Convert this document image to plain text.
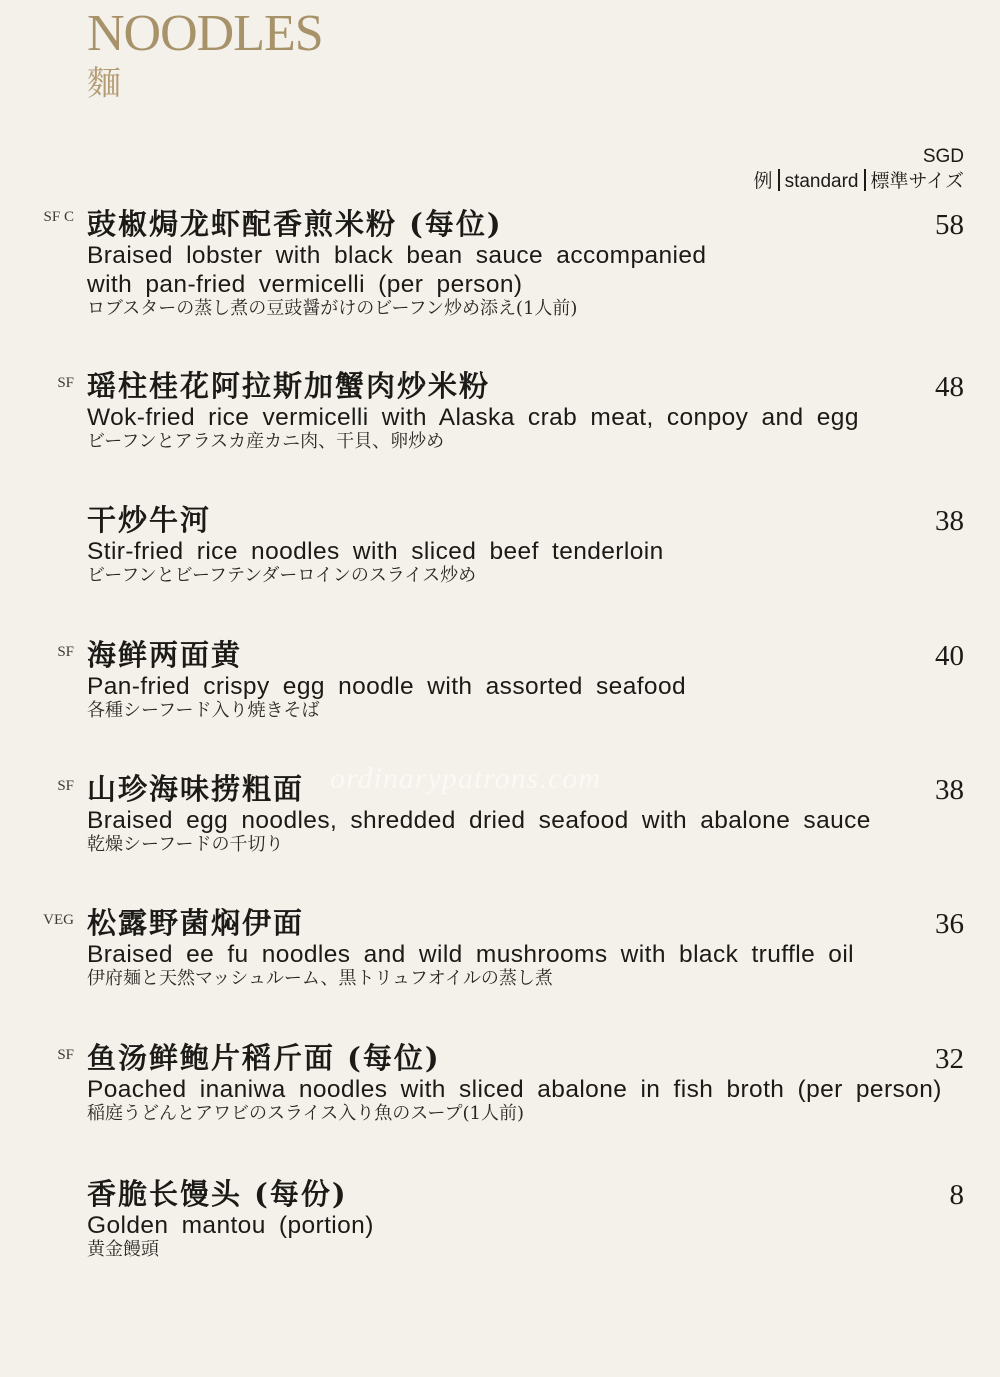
NOODLES
麵
SGD
例 standard 標準サイズ
SF C 豉椒焗龙虾配香煎米粉 (每位)
Braised lobster with black bean sauce accompanied with pan-fried vermicelli (per person)
ロブスターの蒸し煮の豆豉醤がけのビーフン炒め添え(1人前)
58
SF 瑶柱桂花阿拉斯加蟹肉炒米粉
Wok-fried rice vermicelli with Alaska crab meat, conpoy and egg
ビーフンとアラスカ産カニ肉、干貝、卵炒め
48
干炒牛河
Stir-fried rice noodles with sliced beef tenderloin
ビーフンとビーフテンダーロインのスライス炒め
38
SF 海鲜两面黄
Pan-fried crispy egg noodle with assorted seafood
各種シーフード入り焼きそば
40
SF 山珍海味捞粗面
Braised egg noodles, shredded dried seafood with abalone sauce
乾燥シーフードの千切り
38
VEG 松露野菌焖伊面
Braised ee fu noodles and wild mushrooms with black truffle oil
伊府麺と天然マッシュルーム、黒トリュフオイルの蒸し煮
36
SF 鱼汤鲜鲍片稻斤面 (每位)
Poached inaniwa noodles with sliced abalone in fish broth (per person)
稲庭うどんとアワビのスライス入り魚のスープ(1人前)
32
香脆长馒头 (每份)
Golden mantou (portion)
黄金饅頭
8
ordinarypatrons.com
